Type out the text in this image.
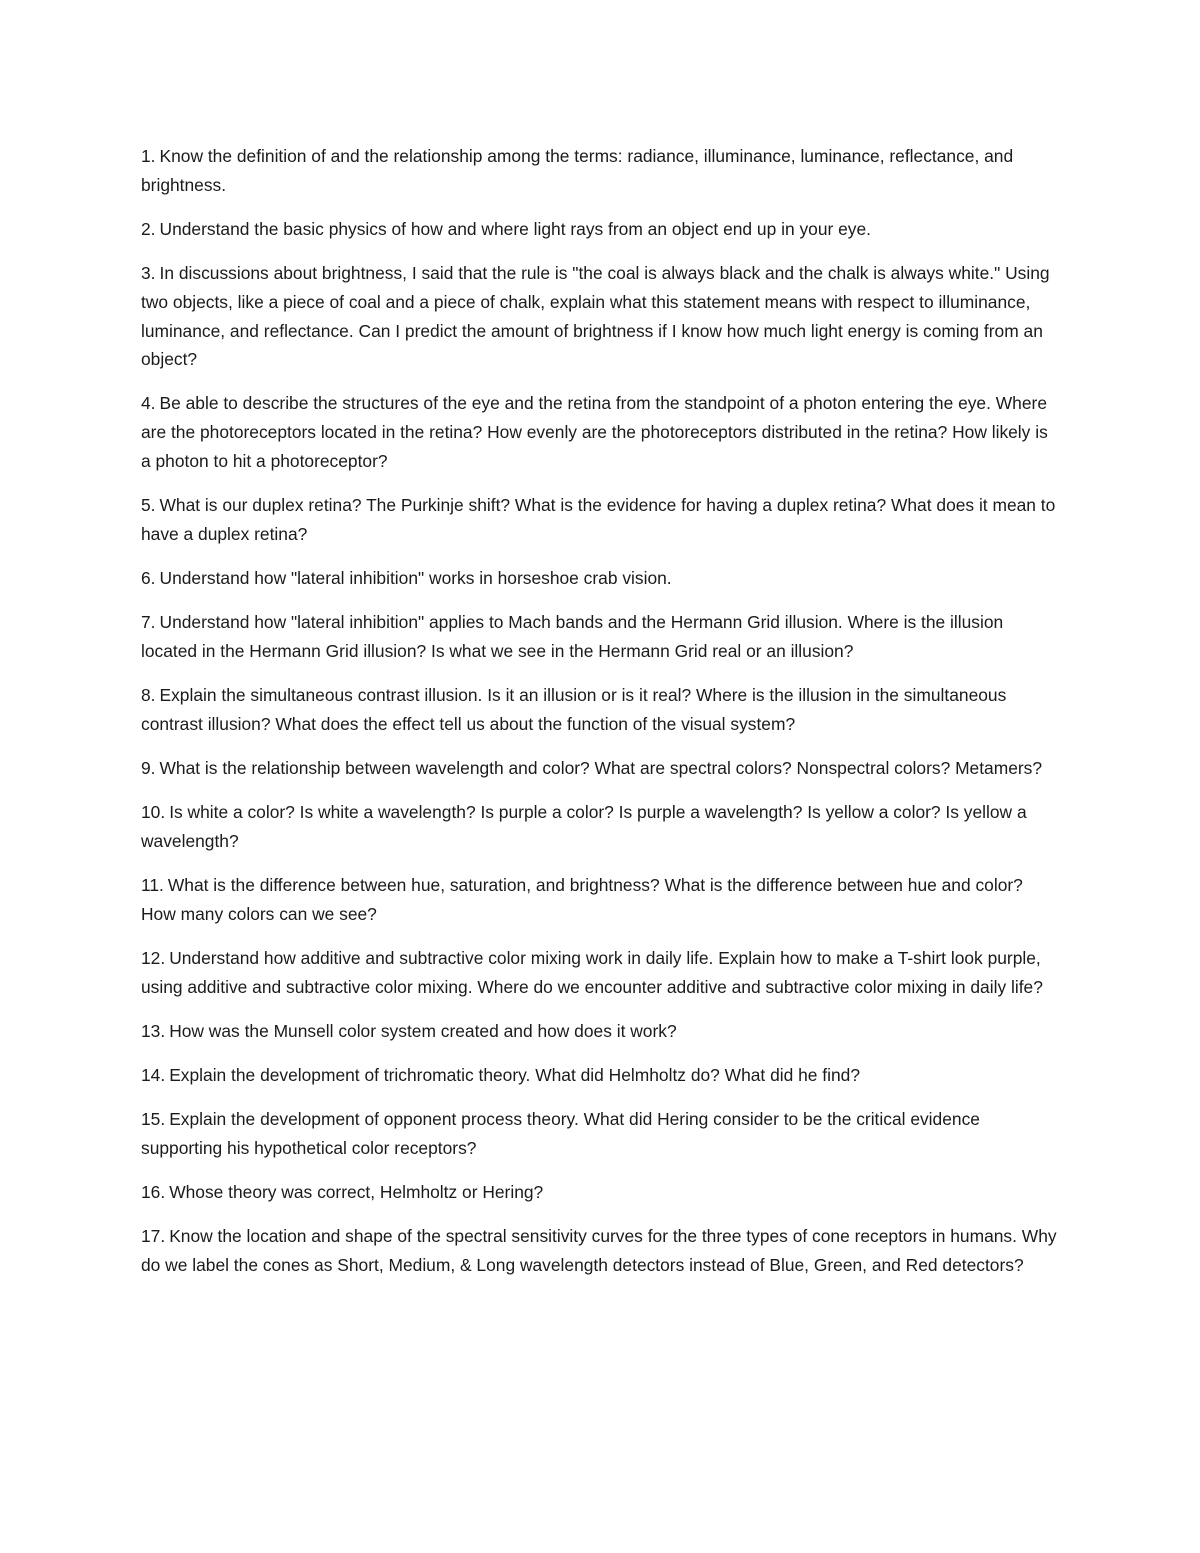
1. Know the definition of and the relationship among the terms: radiance, illuminance, luminance, reflectance, and brightness.

2. Understand the basic physics of how and where light rays from an object end up in your eye.

3. In discussions about brightness, I said that the rule is "the coal is always black and the chalk is always white." Using two objects, like a piece of coal and a piece of chalk, explain what this statement means with respect to illuminance, luminance, and reflectance. Can I predict the amount of brightness if I know how much light energy is coming from an object?

4. Be able to describe the structures of the eye and the retina from the standpoint of a photon entering the eye. Where are the photoreceptors located in the retina? How evenly are the photoreceptors distributed in the retina? How likely is a photon to hit a photoreceptor?

5. What is our duplex retina? The Purkinje shift? What is the evidence for having a duplex retina? What does it mean to have a duplex retina?

6. Understand how "lateral inhibition" works in horseshoe crab vision.

7. Understand how "lateral inhibition" applies to Mach bands and the Hermann Grid illusion. Where is the illusion located in the Hermann Grid illusion? Is what we see in the Hermann Grid real or an illusion?

8. Explain the simultaneous contrast illusion. Is it an illusion or is it real? Where is the illusion in the simultaneous contrast illusion? What does the effect tell us about the function of the visual system?

9. What is the relationship between wavelength and color? What are spectral colors? Nonspectral colors? Metamers?

10. Is white a color? Is white a wavelength? Is purple a color? Is purple a wavelength? Is yellow a color? Is yellow a wavelength?

11. What is the difference between hue, saturation, and brightness? What is the difference between hue and color? How many colors can we see?

12. Understand how additive and subtractive color mixing work in daily life. Explain how to make a T-shirt look purple, using additive and subtractive color mixing. Where do we encounter additive and subtractive color mixing in daily life?

13. How was the Munsell color system created and how does it work?

14. Explain the development of trichromatic theory. What did Helmholtz do? What did he find?

15. Explain the development of opponent process theory. What did Hering consider to be the critical evidence supporting his hypothetical color receptors?

16. Whose theory was correct, Helmholtz or Hering?

17. Know the location and shape of the spectral sensitivity curves for the three types of cone receptors in humans. Why do we label the cones as Short, Medium, & Long wavelength detectors instead of Blue, Green, and Red detectors?
